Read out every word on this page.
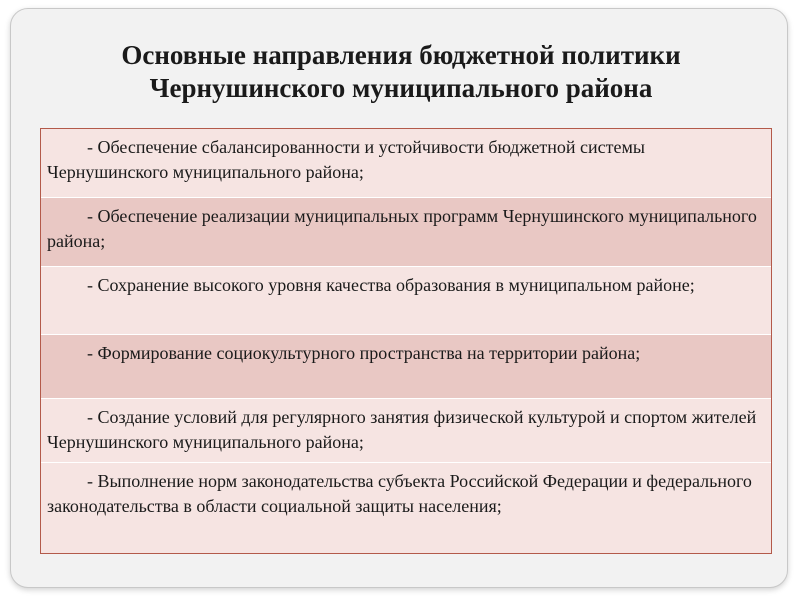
Основные направления бюджетной политики
Чернушинского муниципального района
- Обеспечение сбалансированности и устойчивости бюджетной системы Чернушинского муниципального района;
- Обеспечение реализации муниципальных программ Чернушинского муниципального района;
- Сохранение высокого уровня качества образования в муниципальном районе;
- Формирование социокультурного пространства на территории района;
- Создание условий для регулярного занятия физической культурой и спортом жителей Чернушинского муниципального района;
- Выполнение норм законодательства субъекта Российской Федерации и федерального законодательства в области социальной защиты населения;
